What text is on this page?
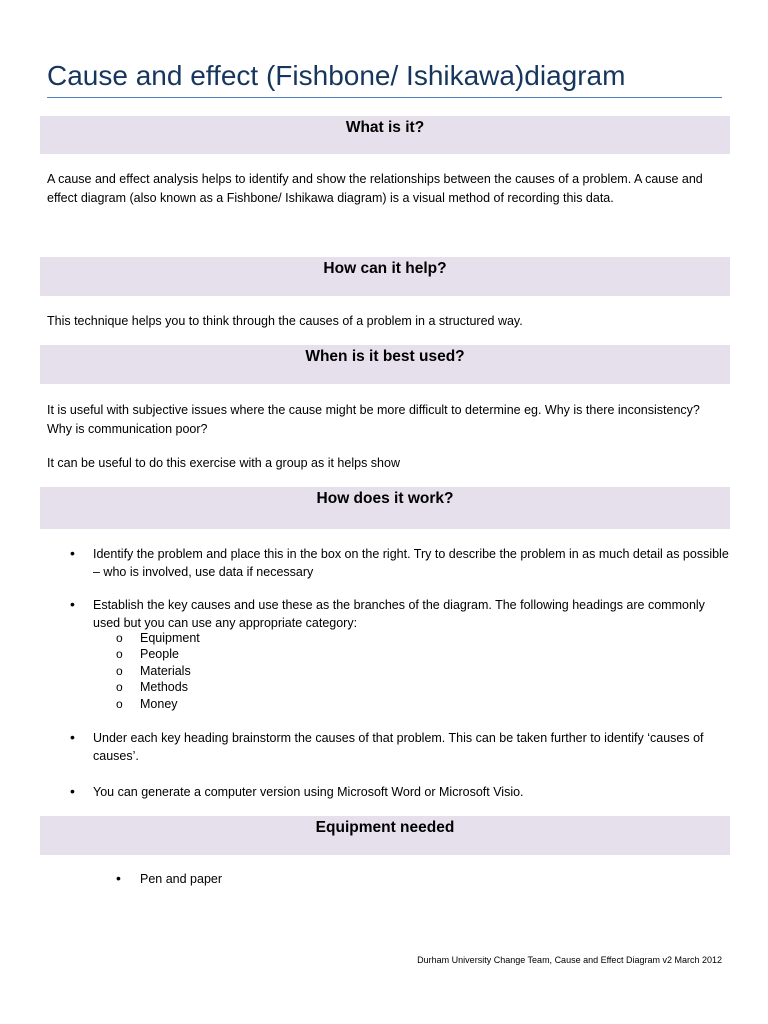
Cause and effect (Fishbone/ Ishikawa)diagram
What is it?

A cause and effect analysis helps to identify and show the relationships between the causes of a problem. A cause and effect diagram (also known as a Fishbone/ Ishikawa diagram) is a visual method of recording this data.

How can it help?

This technique helps you to think through the causes of a problem in a structured way.

When is it best used?

It is useful with subjective issues where the cause might be more difficult to determine eg. Why is there inconsistency? Why is communication poor?

It can be useful to do this exercise with a group as it helps show

How does it work?
• Identify the problem and place this in the box on the right. Try to describe the problem in as much detail as possible – who is involved, use data if necessary

• Establish the key causes and use these as the branches of the diagram. The following headings are commonly used but you can use any appropriate category:

o Equipment
o People
o Materials
o Methods
o Money
• Under each key heading brainstorm the causes of that problem. This can be taken further to identify ‘causes of causes’.

• You can generate a computer version using Microsoft Word or Microsoft Visio.

Equipment needed
• Pen and paper
Durham University Change Team, Cause and Effect Diagram v2 March 2012
